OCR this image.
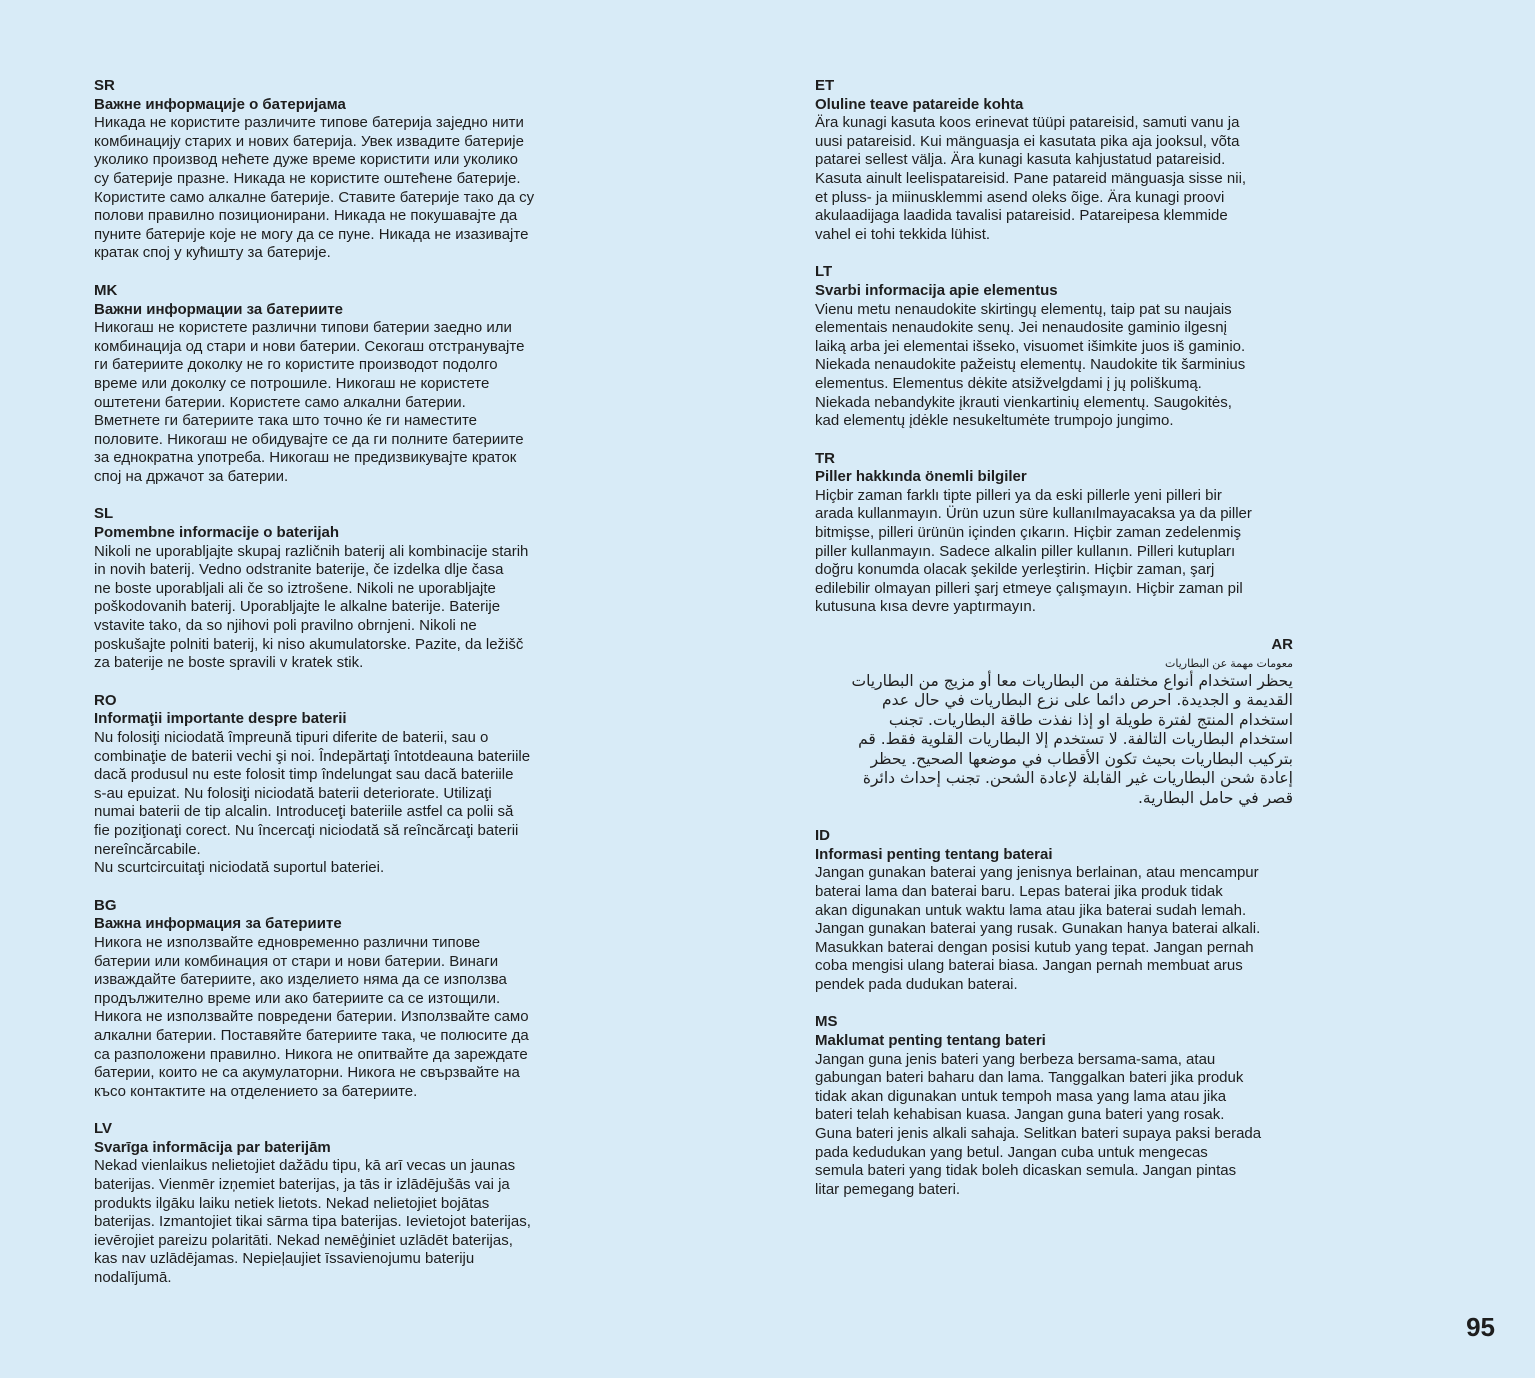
SR
Важне информације о батеријама
Никада не користите различите типове батерија заједно нити
комбинацију старих и нових батерија. Увек извадите батерије
уколико производ нећете дуже време користити или уколико
су батерије празне. Никада не користите оштећене батерије.
Користите само алкалне батерије. Ставите батерије тако да су
полови правилно позиционирани. Никада не покушавајте да
пуните батерије које не могу да се пуне. Никада не изазивајте
кратак спој у кућишту за батерије.
MK
Важни информации за батериите
Никогаш не користете различни типови батерии заедно или
комбинација од стари и нови батерии. Секогаш отстранувајте
ги батериите доколку не го користите производот подолго
време или доколку се потрошиле. Никогаш не користете
оштетени батерии. Користете само алкални батерии.
Вметнете ги батериите така што точно ќе ги наместите
половите. Никогаш не обидувајте се да ги полните батериите
за еднократна употреба. Никогаш не предизвикувајте краток
спој на држачот за батерии.
SL
Pomembne informacije o baterijah
Nikoli ne uporabljajte skupaj različnih baterij ali kombinacije starih
in novih baterij. Vedno odstranite baterije, če izdelka dlje časa
ne boste uporabljali ali če so iztrošene. Nikoli ne uporabljajte
poškodovanih baterij. Uporabljajte le alkalne baterije. Baterije
vstavite tako, da so njihovi poli pravilno obrnjeni. Nikoli ne
poskušajte polniti baterij, ki niso akumulatorske. Pazite, da ležišč
za baterije ne boste spravili v kratek stik.
RO
Informaţii importante despre baterii
Nu folosiţi niciodată împreună tipuri diferite de baterii, sau o
combinaţie de baterii vechi şi noi. Îndepărtaţi întotdeauna bateriile
dacă produsul nu este folosit timp îndelungat sau dacă bateriile
s-au epuizat. Nu folosiţi niciodată baterii deteriorate. Utilizaţi
numai baterii de tip alcalin. Introduceţi bateriile astfel ca polii să
fie poziţionaţi corect. Nu încercaţi niciodată să reîncărcaţi baterii
nereîncărcabile.
Nu scurtcircuitaţi niciodată suportul bateriei.
BG
Важна информация за батериите
Никога не използвайте едновременно различни типове
батерии или комбинация от стари и нови батерии. Винаги
изваждайте батериите, ако изделието няма да се използва
продължително време или ако батериите са се изтощили.
Никога не използвайте повредени батерии. Използвайте само
алкални батерии. Поставяйте батериите така, че полюсите да
са разположени правилно. Никога не опитвайте да зареждате
батерии, които не са акумулаторни. Никога не свързвайте на
късо контактите на отделението за батериите.
LV
Svarīga informācija par baterijām
Nekad vienlaikus nelietojiet dažādu tipu, kā arī vecas un jaunas
baterijas. Vienmēr izņemiet baterijas, ja tās ir izlādējušās vai ja
produkts ilgāku laiku netiek lietots. Nekad nelietojiet bojātas
baterijas. Izmantojiet tikai sārma tipa baterijas. Ievietojot baterijas,
ievērojiet pareizu polaritāti. Nekad neмēģiniet uzlādēt baterijas,
kas nav uzlādējamas. Nepieļaujiet īssavienojumu bateriju
nodalījumā.
ET
Oluline teave patareide kohta
Ära kunagi kasuta koos erinevat tüüpi patareisid, samuti vanu ja
uusi patareisid. Kui mänguasja ei kasutata pika aja jooksul, võta
patarei sellest välja. Ära kunagi kasuta kahjustatud patareisid.
Kasuta ainult leelispatareisid. Pane patareid mänguasja sisse nii,
et pluss- ja miinusklemmi asend oleks õige. Ära kunagi proovi
akulaadijaga laadida tavalisi patareisid. Patareipesa klemmide
vahel ei tohi tekkida lühist.
LT
Svarbi informacija apie elementus
Vienu metu nenaudokite skirtingų elementų, taip pat su naujais
elementais nenaudokite senų. Jei nenaudosite gaminio ilgesnį
laiką arba jei elementai išseko, visuomet išimkite juos iš gaminio.
Niekada nenaudokite pažeistų elementų. Naudokite tik šarminius
elementus. Elementus dėkite atsižvelgdami į jų poliškumą.
Niekada nebandykite įkrauti vienkartinių elementų. Saugokitės,
kad elementų įdėkle nesukeltumėte trumpojo jungimo.
TR
Piller hakkında önemli bilgiler
Hiçbir zaman farklı tipte pilleri ya da eski pillerle yeni pilleri bir
arada kullanmayın. Ürün uzun süre kullanılmayacaksa ya da piller
bitmişse, pilleri ürünün içinden çıkarın. Hiçbir zaman zedelenmiş
piller kullanmayın. Sadece alkalin piller kullanın. Pilleri kutupları
doğru konumda olacak şekilde yerleştirin. Hiçbir zaman, şarj
edilebilir olmayan pilleri şarj etmeye çalışmayın. Hiçbir zaman pil
kutusuna kısa devre yaptırmayın.
AR
معومات مهمة عن البطاريات
يحظر استخدام أنواع مختلفة من البطاريات معا أو مزيج من البطاريات
القديمة و الجديدة. احرص دائما على نزع البطاريات في حال عدم
استخدام المنتج لفترة طويلة او إذا نفذت طاقة البطاريات. تجنب
استخدام البطاريات التالفة. لا تستخدم إلا البطاريات القلوية فقط. قم
بتركيب البطاريات بحيث تكون الأقطاب في موضعها الصحيح. يحظر
إعادة شحن البطاريات غير القابلة لإعادة الشحن. تجنب إحداث دائرة
قصر في حامل البطارية.
ID
Informasi penting tentang baterai
Jangan gunakan baterai yang jenisnya berlainan, atau mencampur
baterai lama dan baterai baru. Lepas baterai jika produk tidak
akan digunakan untuk waktu lama atau jika baterai sudah lemah.
Jangan gunakan baterai yang rusak. Gunakan hanya baterai alkali.
Masukkan baterai dengan posisi kutub yang tepat. Jangan pernah
coba mengisi ulang baterai biasa. Jangan pernah membuat arus
pendek pada dudukan baterai.
MS
Maklumat penting tentang bateri
Jangan guna jenis bateri yang berbeza bersama-sama, atau
gabungan bateri baharu dan lama. Tanggalkan bateri jika produk
tidak akan digunakan untuk tempoh masa yang lama atau jika
bateri telah kehabisan kuasa. Jangan guna bateri yang rosak.
Guna bateri jenis alkali sahaja. Selitkan bateri supaya paksi berada
pada kedudukan yang betul. Jangan cuba untuk mengecas
semula bateri yang tidak boleh dicaskan semula. Jangan pintas
litar pemegang bateri.
95
